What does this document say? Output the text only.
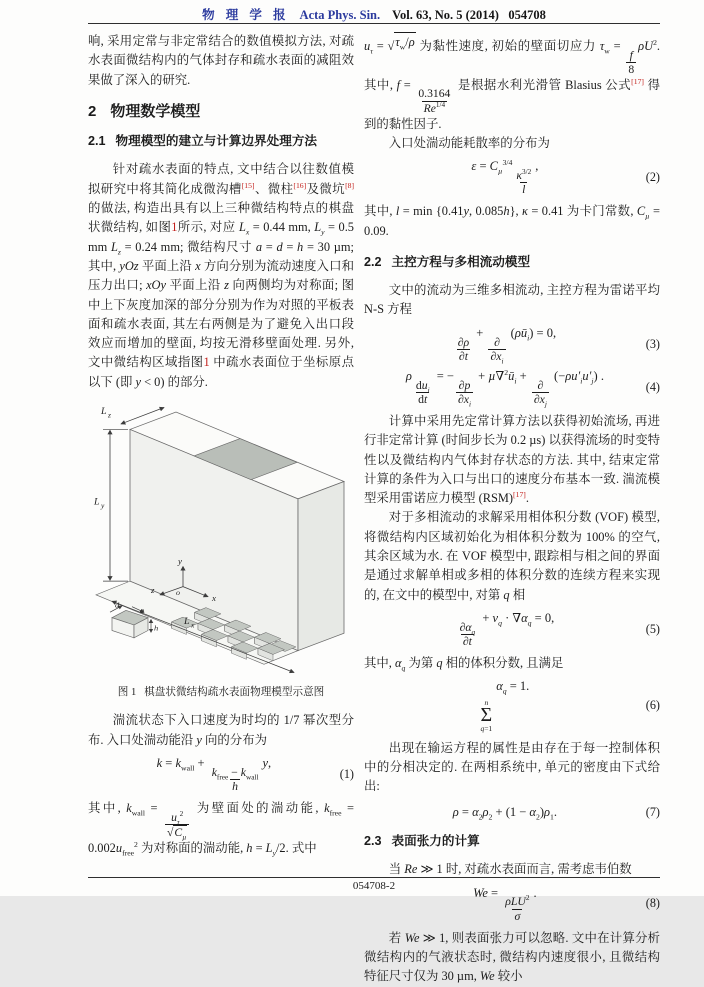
物 理 学 报 Acta Phys. Sin. Vol. 63, No. 5 (2014)   054708

响, 采用定常与非定常结合的数值模拟方法, 对疏水表面微结构内的气体封存和疏水表面的减阻效果做了深入的研究.

2 物理数学模型

2.1 物理模型的建立与计算边界处理方法

针对疏水表面的特点, 文中结合以往数值模拟研究中将其简化成微沟槽[15]、微柱[16]及微坑[8]的做法, 构造出具有以上三种微结构特点的棋盘状微结构, 如图1所示, 对应 $L_x = 0.44$ mm, $L_y = 0.5$ mm $L_z = 0.24$ mm; 微结构尺寸 a = d = h = 30 µm; 其中, yOz 平面上沿 x 方向分别为流动速度入口和压力出口; xOy 平面上沿 z 向两侧均为对称面; 图中上下灰度加深的部分分别为作为对照的平板表面和疏水表面, 其左右两侧是为了避免入出口段效应而增加的壁面, 均按无滑移壁面处理. 另外, 文中微结构区域指图1 中疏水表面位于坐标原点以下 (即 y < 0) 的部分.

L y
L z
L x
y
x
z	o
d
a
h

图 1   棋盘状微结构疏水表面物理模型示意图

湍流状态下入口速度为时均的 1/7 幂次型分布. 入口处湍动能沿 y 向的分布为

$k = k_{wall}$ +
$\frac{k_{free} - k_{wall}}{h}$
y,
(1)

其中, $k_{wall}$ =
$\frac{u_\tau^2}{√ C_\mu}$
为壁面处的湍动能, $k_{free} = 0.002u_{free}^2$ 为对称面的湍动能, $h = L_y/2$. 式中

$u_\tau$ = √ $\tau_w/\rho$ 为黏性速度, 初始的壁面切应力 $\tau_w$ =
$\frac{f}{8}$
$\rho U^2$. 其中, f =
$\frac{0.3164}{Re^{1/4}}$
是根据水利光滑管 Blasius 公式[17] 得到的黏性因子.

入口处湍动能耗散率的分布为

$\varepsilon = C_\mu^{3/4}$
$\frac{\kappa^{3/2}}{l}$
,
(2)

其中, l = min {0.41y, 0.085h}, κ = 0.41 为卡门常数, $C_\mu = 0.09$.

2.2 主控方程与多相流动模型

文中的流动为三维多相流动, 主控方程为雷诺平均 N-S 方程

$\frac{\partial\rho}{\partial t}$
+
$\frac{\partial}{\partial x_i}$
$(\rho ū_i) = 0$,
(3)
ρ
$\frac{du_i}{dt}$
= −
$\frac{\partial p}{\partial x_i}$
+ $\mu\nabla^2ū_i$ +
$\frac{\partial}{\partial x_j}$
$(-\rho u'_iu'_j)$ .
(4)

计算中采用先定常计算方法以获得初始流场, 再进行非定常计算 (时间步长为 0.2 µs) 以获得流场的时变特性以及微结构内气体封存状态的方法. 其中, 结束定常计算的条件为入口与出口的速度分布基本一致. 湍流模型采用雷诺应力模型 (RSM)[17].

对于多相流动的求解采用相体积分数 (VOF) 模型, 将微结构内区域初始化为相体积分数为 100% 的空气, 其余区域为水. 在 VOF 模型中, 跟踪相与相之间的界面是通过求解单相或多相的体积分数的连续方程来实现的, 在文中的模型中, 对第 q 相

$\frac{\partial\alpha_q}{\partial t}$
+ $v_q \cdot \nabla\alpha_q = 0$,
(5)

其中, $\alpha_q$ 为第 q 相的体积分数, 且满足

n
Σ
q=1
$\alpha_q = 1$.
(6)

出现在输运方程的属性是由存在于每一控制体积中的分相决定的. 在两相系统中, 单元的密度由下式给出:

$\rho = \alpha_2\rho_2 + (1 - \alpha_2)\rho_1$.	(7)

2.3 表面张力的计算

当 Re ≫ 1 时, 对疏水表面而言, 需考虑韦伯数

We =
$\frac{\rho LU^2}{\sigma}$
.
(8)

若 We ≫ 1, 则表面张力可以忽略. 文中在计算分析微结构内的气液状态时, 微结构内速度很小, 且微结构特征尺寸仅为 30 µm, We 较小

054708-2
